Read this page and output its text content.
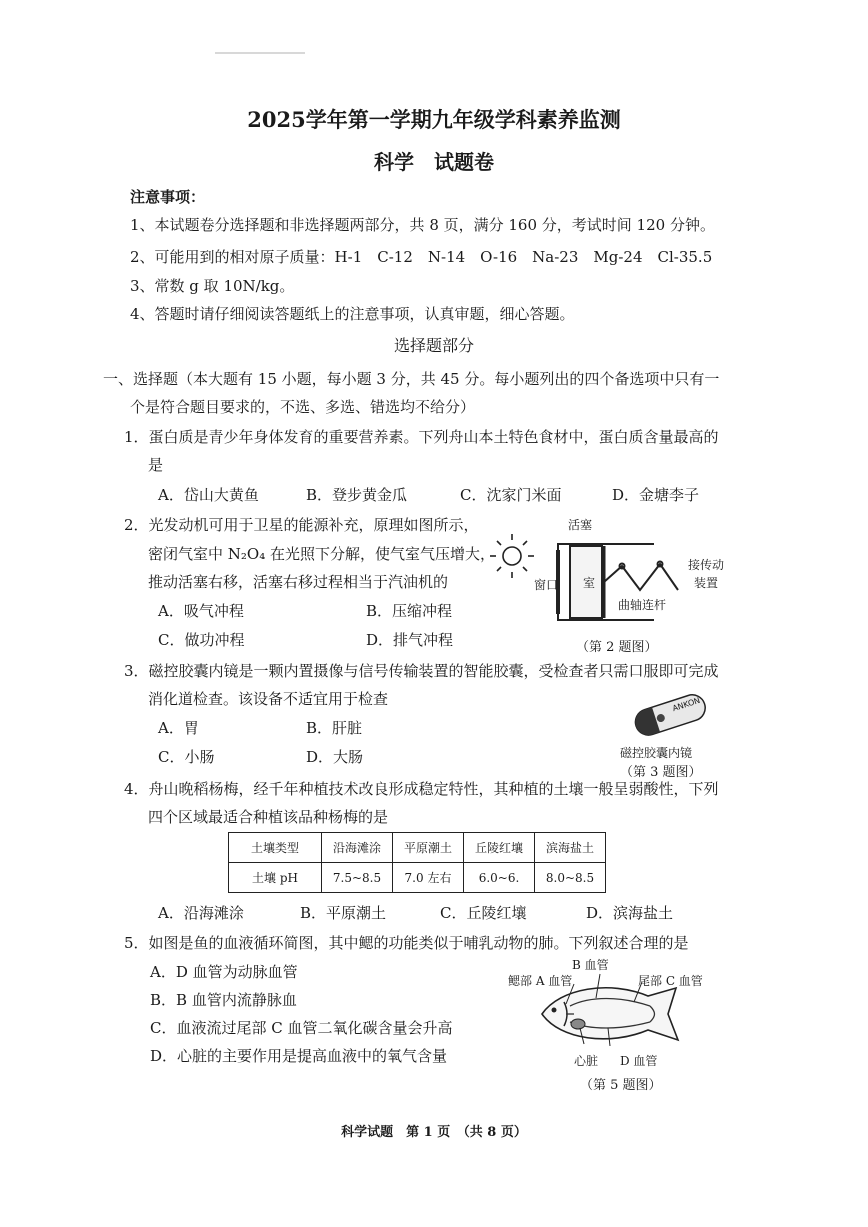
2025学年第一学期九年级学科素养监测
科学　试题卷
注意事项：
1、本试题卷分选择题和非选择题两部分，共 8 页，满分 160 分，考试时间 120 分钟。
2、可能用到的相对原子质量：H-1　C-12　N-14　O-16　Na-23　Mg-24　Cl-35.5
3、常数 g 取 10N/kg。
4、答题时请仔细阅读答题纸上的注意事项，认真审题，细心答题。
选择题部分
一、选择题（本大题有 15 小题，每小题 3 分，共 45 分。每小题列出的四个备选项中只有一
个是符合题目要求的，不选、多选、错选均不给分）
1．蛋白质是青少年身体发育的重要营养素。下列舟山本土特色食材中，蛋白质含量最高的
是
A．岱山大黄鱼	B．登步黄金瓜	C．沈家门米面	D．金塘李子
2．光发动机可用于卫星的能源补充，原理如图所示，
密闭气室中 N₂O₄ 在光照下分解，使气室气压增大，
推动活塞右移，活塞右移过程相当于汽油机的
A．吸气冲程	B．压缩冲程
C．做功冲程	D．排气冲程
活塞
窗口 室
曲轴连杆
接传动
装置
（第 2 题图）
3．磁控胶囊内镜是一颗内置摄像与信号传输装置的智能胶囊，受检查者只需口服即可完成
消化道检查。该设备不适宜用于检查
A．胃	B．肝脏
C．小肠	D．大肠
ANKON
磁控胶囊内镜
（第 3 题图）
4．舟山晚稻杨梅，经千年种植技术改良形成稳定特性，其种植的土壤一般呈弱酸性，下列
四个区域最适合种植该品种杨梅的是
土壤类型	沿海滩涂	平原潮土	丘陵红壤	滨海盐土
土壤 pH	7.5~8.5	7.0 左右	6.0~6.	8.0~8.5
A．沿海滩涂	B．平原潮土	C．丘陵红壤	D．滨海盐土
5．如图是鱼的血液循环简图，其中鳃的功能类似于哺乳动物的肺。下列叙述合理的是
A．D 血管为动脉血管
B．B 血管内流静脉血
C．血液流过尾部 C 血管二氧化碳含量会升高
D．心脏的主要作用是提高血液中的氧气含量
B 血管
鳃部 A 血管	尾部 C 血管
心脏 D 血管
（第 5 题图）
科学试题　第 1 页　（共 8 页）
